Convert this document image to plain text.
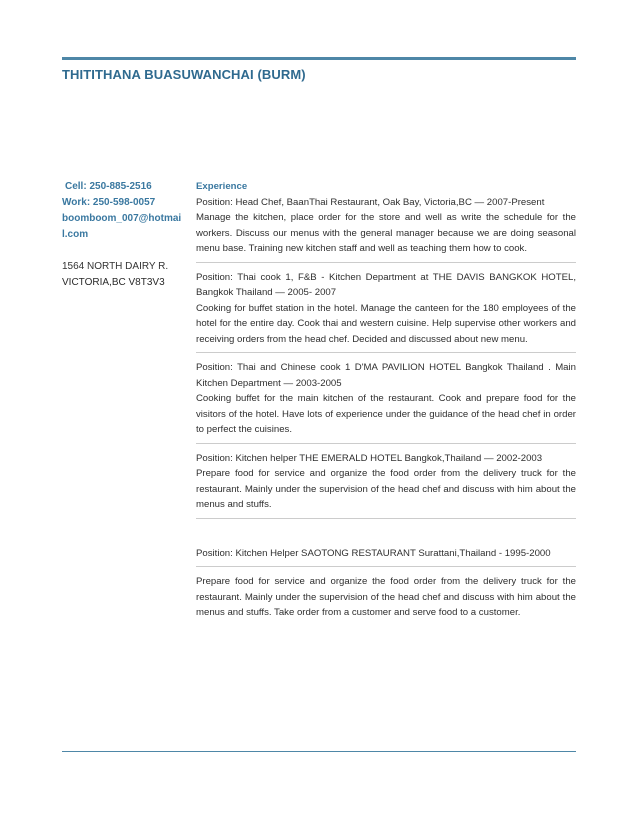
THITITHANA BUASUWANCHAI (BURM)
Cell: 250-885-2516
Work: 250-598-0057
boomboom_007@hotmai
l.com
1564 NORTH DAIRY R.
VICTORIA,BC V8T3V3
Experience
Position: Head Chef, BaanThai Restaurant, Oak Bay, Victoria,BC — 2007-Present
Manage the kitchen, place order for the store and well as write the schedule for the workers. Discuss our menus with the general manager because we are doing seasonal menu base. Training new kitchen staff and well as teaching them how to cook.
Position: Thai cook 1, F&B - Kitchen Department at THE DAVIS BANGKOK HOTEL, Bangkok Thailand — 2005- 2007
Cooking for buffet station in the hotel. Manage the canteen for the 180 employees of the hotel for the entire day. Cook thai and western cuisine. Help supervise other workers and receiving orders from the head chef. Decided and discussed about new menu.
Position: Thai and Chinese cook 1 D'MA PAVILION HOTEL Bangkok Thailand . Main Kitchen Department — 2003-2005
Cooking buffet for the main kitchen of the restaurant. Cook and prepare food for the visitors of the hotel. Have lots of experience under the guidance of the head chef in order to perfect the cuisines.
Position: Kitchen helper THE EMERALD HOTEL Bangkok,Thailand — 2002-2003
Prepare food for service and organize the food order from the delivery truck for the restaurant. Mainly under the supervision of the head chef and discuss with him about the menus and stuffs.
Position: Kitchen Helper SAOTONG RESTAURANT Surattani,Thailand - 1995-2000
Prepare food for service and organize the food order from the delivery truck for the restaurant. Mainly under the supervision of the head chef and discuss with him about the menus and stuffs. Take order from a customer and serve food to a customer.
